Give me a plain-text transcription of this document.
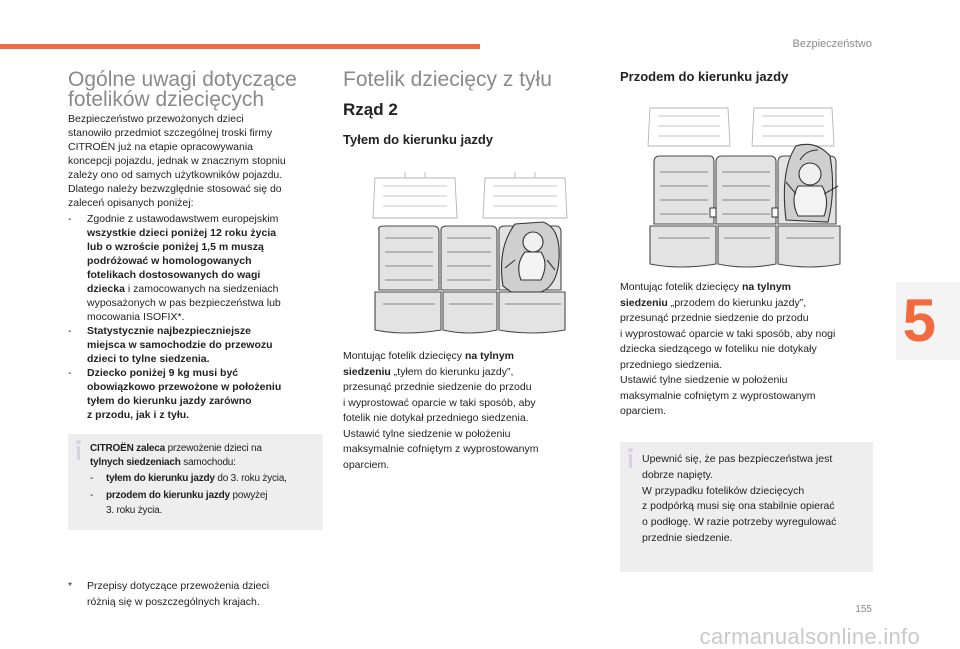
Bezpieczeństwo
5
155
carmanualsonline.info
Ogólne uwagi dotyczące
fotelików dziecięcych
Bezpieczeństwo przewożonych dzieci
stanowiło przedmiot szczególnej troski firmy
CITROËN już na etapie opracowywania
koncepcji pojazdu, jednak w znacznym stopniu
zależy ono od samych użytkowników pojazdu.
Dlatego należy bezwzględnie stosować się do
zaleceń opisanych poniżej:
- Zgodnie z ustawodawstwem europejskim
wszystkie dzieci poniżej 12 roku życia
lub o wzroście poniżej 1,5 m muszą
podróżować w homologowanych
fotelikach dostosowanych do wagi
dziecka i zamocowanych na siedzeniach
wyposażonych w pas bezpieczeństwa lub
mocowania ISOFIX*.
- Statystycznie najbezpieczniejsze
miejsca w samochodzie do przewozu
dzieci to tylne siedzenia.
- Dziecko poniżej 9 kg musi być
obowiązkowo przewożone w położeniu
tyłem do kierunku jazdy zarówno
z przodu, jak i z tyłu.
CITROËN zaleca przewożenie dzieci na
tylnych siedzeniach samochodu:
- tyłem do kierunku jazdy do 3. roku życia,
- przodem do kierunku jazdy powyżej
3. roku życia.
* Przepisy dotyczące przewożenia dzieci
różnią się w poszczególnych krajach.
Fotelik dziecięcy z tyłu
Rząd 2
Tyłem do kierunku jazdy
Montując fotelik dziecięcy na tylnym
siedzeniu „tyłem do kierunku jazdy”,
przesunąć przednie siedzenie do przodu
i wyprostować oparcie w taki sposób, aby
fotelik nie dotykał przedniego siedzenia.
Ustawić tylne siedzenie w położeniu
maksymalnie cofniętym z wyprostowanym
oparciem.
Przodem do kierunku jazdy
Montując fotelik dziecięcy na tylnym
siedzeniu „przodem do kierunku jazdy”,
przesunąć przednie siedzenie do przodu
i wyprostować oparcie w taki sposób, aby nogi
dziecka siedzącego w foteliku nie dotykały
przedniego siedzenia.
Ustawić tylne siedzenie w położeniu
maksymalnie cofniętym z wyprostowanym
oparciem.
Upewnić się, że pas bezpieczeństwa jest
dobrze napięty.
W przypadku fotelików dziecięcych
z podpórką musi się ona stabilnie opierać
o podłogę. W razie potrzeby wyregulować
przednie siedzenie.
